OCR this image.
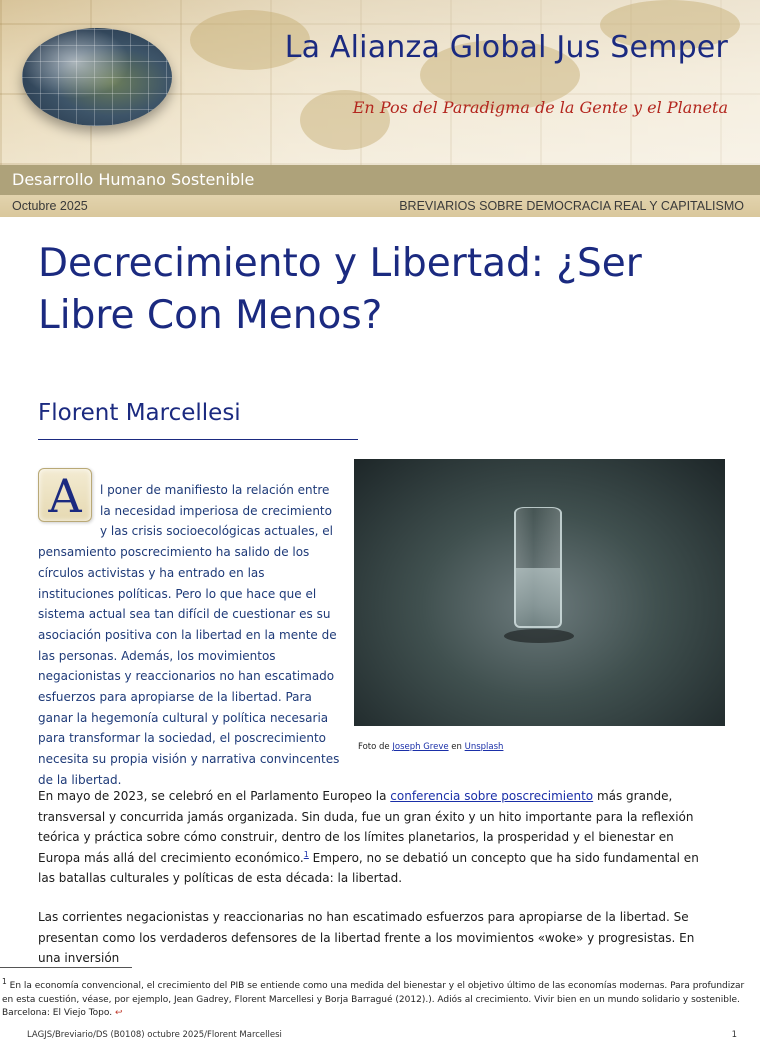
La Alianza Global Jus Semper
En Pos del Paradigma de la Gente y el Planeta
Desarrollo Humano Sostenible
Octubre 2025	BREVIARIOS SOBRE DEMOCRACIA REAL Y CAPITALISMO
Decrecimiento y Libertad: ¿Ser Libre Con Menos?
Florent Marcellesi

A	l poner de manifiesto la relación entre la necesidad imperiosa de crecimiento y las crisis socioecológicas actuales, el pensamiento poscrecimiento ha salido de los círculos activistas y ha entrado en las instituciones políticas. Pero lo que hace que el sistema actual sea tan difícil de cuestionar es su asociación positiva con la libertad en la mente de las personas. Además, los movimientos negacionistas y reaccionarios no han escatimado esfuerzos para apropiarse de la libertad. Para ganar la hegemonía cultural y política necesaria para transformar la sociedad, el poscrecimiento necesita su propia visión y narrativa convincentes de la libertad.

Foto de Joseph Greve en Unsplash

En mayo de 2023, se celebró en el Parlamento Europeo la conferencia sobre poscrecimiento más grande, transversal y concurrida jamás organizada. Sin duda, fue un gran éxito y un hito importante para la reflexión teórica y práctica sobre cómo construir, dentro de los límites planetarios, la prosperidad y el bienestar en Europa más allá del crecimiento económico.$^1$ Empero, no se debatió un concepto que ha sido fundamental en las batallas culturales y políticas de esta década: la libertad.

Las corrientes negacionistas y reaccionarias no han escatimado esfuerzos para apropiarse de la libertad. Se presentan como los verdaderos defensores de la libertad frente a los movimientos «woke» y progresistas. En una inversión

$^1$ En la economía convencional, el crecimiento del PIB se entiende como una medida del bienestar y el objetivo último de las economías modernas. Para profundizar en esta cuestión, véase, por ejemplo, Jean Gadrey, Florent Marcellesi y Borja Barragué (2012).). Adiós al crecimiento. Vivir bien en un mundo solidario y sostenible. Barcelona: El Viejo Topo. ↩

LAGJS/Breviario/DS (B0108) octubre 2025/Florent Marcellesi	1
